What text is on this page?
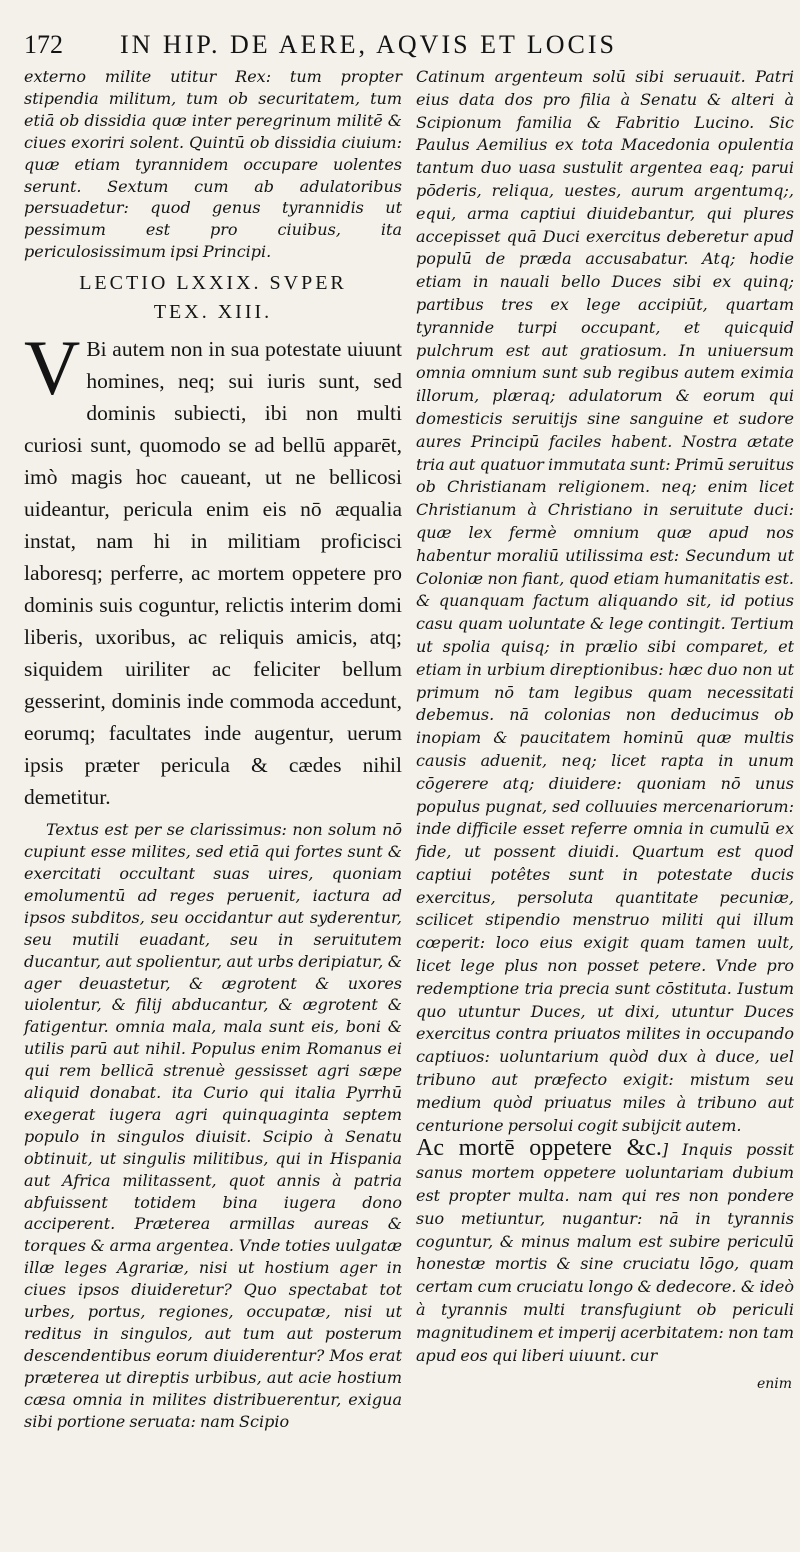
172 IN HIP. DE AERE, AQVIS ET LOCIS

externo milite utitur Rex: tum propter stipendia militum, tum ob securitatem, tum etiā ob dissidia quæ inter peregrinum militē & ciues exoriri solent. Quintū ob dissidia ciuium: quæ etiam tyrannidem occupare uolentes serunt. Sextum cum ab adulatoribus persuadetur: quod genus tyrannidis ut pessimum est pro ciuibus, ita periculosissimum ipsi Principi.

LECTIO LXXIX. SVPER
TEX. XIII.

V Bi autem non in sua potestate uiuunt homines, neq; sui iuris sunt, sed dominis subiecti, ibi non multi curiosi sunt, quomodo se ad bellū apparēt, imò magis hoc caueant, ut ne bellicosi uideantur, pericula enim eis nō æqualia instat, nam hi in militiam proficisci laboresq; perferre, ac mortem oppetere pro dominis suis coguntur, relictis interim domi liberis, uxoribus, ac reliquis amicis, atq; siquidem uiriliter ac feliciter bellum gesserint, dominis inde commoda accedunt, eorumq; facultates inde augentur, uerum ipsis præter pericula & cædes nihil demetitur.

Textus est per se clarissimus: non solum nō cupiunt esse milites, sed etiā qui fortes sunt & exercitati occultant suas uires, quoniam emolumentū ad reges peruenit, iactura ad ipsos subditos, seu occidantur aut syderentur, seu mutili euadant, seu in seruitutem ducantur, aut spolientur, aut urbs deripiatur, & ager deuastetur, & ægrotent & uxores uiolentur, & filij abducantur, & ægrotent & fatigentur. omnia mala, mala sunt eis, boni & utilis parū aut nihil. Populus enim Romanus ei qui rem bellicā strenuè gessisset agri sæpe aliquid donabat. ita Curio qui italia Pyrrhū exegerat iugera agri quinquaginta septem populo in singulos diuisit. Scipio à Senatu obtinuit, ut singulis militibus, qui in Hispania aut Africa militassent, quot annis à patria abfuissent totidem bina iugera dono acciperent. Præterea armillas aureas & torques & arma argentea. Vnde toties uulgatæ illæ leges Agrariæ, nisi ut hostium ager in ciues ipsos diuideretur? Quo spectabat tot urbes, portus, regiones, occupatæ, nisi ut reditus in singulos, aut tum aut posterum descendentibus eorum diuiderentur? Mos erat præterea ut direptis urbibus, aut acie hostium cæsa omnia in milites distribuerentur, exigua sibi portione seruata: nam Scipio

Catinum argenteum solū sibi seruauit. Patri eius data dos pro filia à Senatu & alteri à Scipionum familia & Fabritio Lucino. Sic Paulus Aemilius ex tota Macedonia opulentia tantum duo uasa sustulit argentea eaq; parui pōderis, reliqua, uestes, aurum argentumq;, equi, arma captiui diuidebantur, qui plures accepisset quā Duci exercitus deberetur apud populū de præda accusabatur. Atq; hodie etiam in nauali bello Duces sibi ex quinq; partibus tres ex lege accipiūt, quartam tyrannide turpi occupant, et quicquid pulchrum est aut gratiosum. In uniuersum omnia omnium sunt sub regibus autem eximia illorum, plæraq; adulatorum & eorum qui domesticis seruitijs sine sanguine et sudore aures Principū faciles habent. Nostra ætate tria aut quatuor immutata sunt: Primū seruitus ob Christianam religionem. neq; enim licet Christianum à Christiano in seruitute duci: quæ lex fermè omnium quæ apud nos habentur moraliū utilissima est: Secundum ut Coloniæ non fiant, quod etiam humanitatis est. & quanquam factum aliquando sit, id potius casu quam uoluntate & lege contingit. Tertium ut spolia quisq; in prælio sibi comparet, et etiam in urbium direptionibus: hæc duo non ut primum nō tam legibus quam necessitati debemus. nā colonias non deducimus ob inopiam & paucitatem hominū quæ multis causis aduenit, neq; licet rapta in unum cōgerere atq; diuidere: quoniam nō unus populus pugnat, sed colluuies mercenariorum: inde difficile esset referre omnia in cumulū ex fide, ut possent diuidi. Quartum est quod captiui potêtes sunt in potestate ducis exercitus, persoluta quantitate pecuniæ, scilicet stipendio menstruo militi qui illum cœperit: loco eius exigit quam tamen uult, licet lege plus non posset petere. Vnde pro redemptione tria precia sunt cōstituta. Iustum quo utuntur Duces, ut dixi, utuntur Duces exercitus contra priuatos milites in occupando captiuos: uoluntarium quòd dux à duce, uel tribuno aut præfecto exigit: mistum seu medium quòd priuatus miles à tribuno aut centurione persolui cogit subijcit autem.

Ac mortē oppetere &c.] Inquis possit sanus mortem oppetere uoluntariam dubium est propter multa. nam qui res non pondere suo metiuntur, nugantur: nā in tyrannis coguntur, & minus malum est subire periculū honestæ mortis & sine cruciatu lōgo, quam certam cum cruciatu longo & dedecore. & ideò à tyrannis multi transfugiunt ob periculi magnitudinem et imperij acerbitatem: non tam apud eos qui liberi uiuunt. cur

enim
